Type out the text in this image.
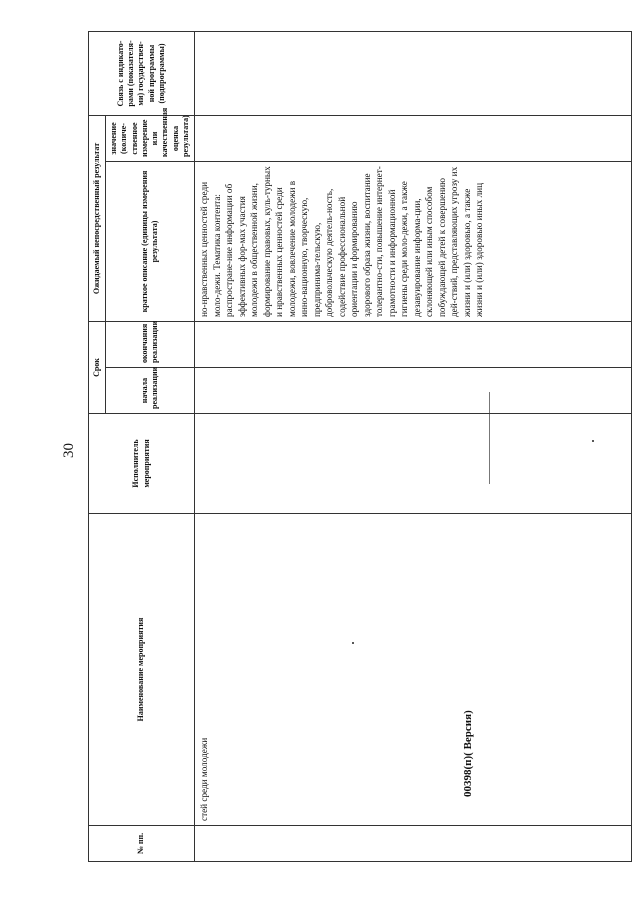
30
№ пп.	Наименование мероприятия	Исполнитель мероприятия	Срок		Ожидаемый непосредственный результат		Связь с индикато-рами (показателя-ми) государствен-ной программы (подпрограммы)
			начала реализации	окончания реализации	краткое описание (единицы измерения результата)	значение (количе-ственное измерение или качественная оценка результата)	
	стей среди молодежи				но-нравственных ценностей среди моло-дежи. Тематика контента: распростране-ние информации об эффективных фор-мах участия молодежи в общественной жизни, формирование правовых, куль-турных и нравственных ценностей среди молодежи, вовлечение молодежи в инно-вационную, творческую, предпринима-тельскую, добровольческую деятель-ность, содействие профессиональной ориентации и формированию здорового образа жизни, воспитание толерантно-сти, повышение интернет-грамотности и информационной гигиены среди моло-дежи, а также дезавуирование информа-ции, склоняющей или иным способом побуждающей детей к совершению дей-ствий, представляющих угрозу их жизни и (или) здоровью, а также жизни и (или) здоровью иных лиц		
00398(п)( Версия)
